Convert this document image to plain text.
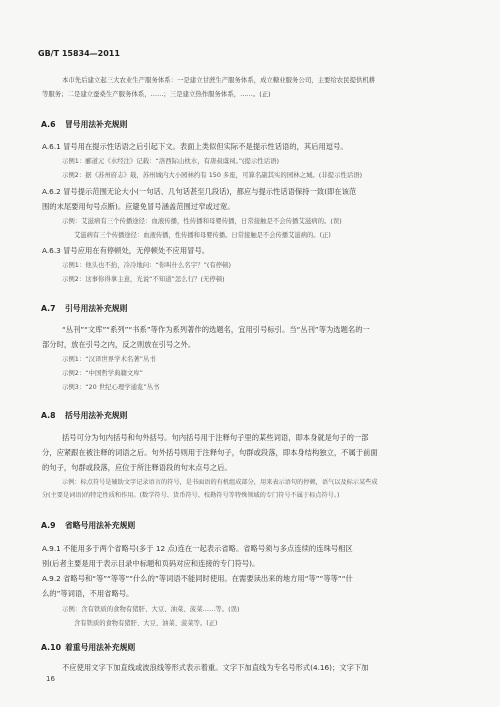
GB/T 15834—2011
本市先后建立起三大农业生产服务体系：一是建立甘蔗生产服务体系，成立糖业服务公司，主要给农民提供机耕
等服务；二是建立蚕桑生产服务体系，……；三是建立热作服务体系，……。(正)
A.6 冒号用法补充规则
A.6.1 冒号用在提示性话语之后引起下文。表面上类似但实际不是提示性话语的，其后用逗号。
示例1：郦道元《水经注》记载：“洛西际山枕水，有唐叔虞祠。”(提示性话语)
示例2：据《苏州府志》载，苏州城内大小园林约有 150 多座，可算名副其实的园林之城。(非提示性话语)
A.6.2 冒号提示范围无论大小(一句话、几句话甚至几段话)，都应与提示性话语保持一致(即在该范
围的末尾要用句号点断)。应避免冒号涵盖范围过窄或过宽。
示例：艾滋病有三个传播途径：血液传播，性传播和母婴传播，日常接触是不会传播艾滋病的。(误)
艾滋病有三个传播途径：血液传播，性传播和母婴传播。日常接触是不会传播艾滋病的。(正)
A.6.3 冒号应用在有停顿处，无停顿处不应用冒号。
示例1：他头也不抬，冷冷地问：“你叫什么名字？”(有停顿)
示例2：这事你得拿主意，光说“不知道”怎么行？(无停顿)
A.7 引号用法补充规则
“丛刊”“文库”“系列”“书系”等作为系列著作的选题名，宜用引号标引。当“丛刊”等为选题名的一
部分时，放在引号之内，反之则放在引号之外。
示例1：“汉译世界学术名著”丛书
示例2：“中国哲学典籍文库”
示例3：“20 世纪心理学通览”丛书
A.8 括号用法补充规则
括号可分为句内括号和句外括号。句内括号用于注释句子里的某些词语，即本身就是句子的一部
分，应紧跟在被注释的词语之后。句外括号则用于注释句子，句群或段落，即本身结构独立，不属于前面
的句子，句群或段落，应位于所注释语段的句末点号之后。
示例：标点符号是辅助文字记录语言的符号，是书面语的有机组成部分，用来表示语句的停顿，语气以及标示某些成
分(主要是词语)的特定性质和作用。(数学符号、货币符号、校勘符号等特殊领域的专门符号不属于标点符号。)
A.9 省略号用法补充规则
A.9.1 不能用多于两个省略号(多于 12 点)连在一起表示省略。省略号须与多点连续的连珠号相区
别(后者主要是用于表示目录中标题和页码对应和连接的专门符号)。
A.9.2 省略号和“等”“等等”“什么的”等词语不能同时使用。在需要读出来的地方用“等”“等等”“什
么的”等词语，不用省略号。
示例：含有铁质的食物有猪肝、大豆、油菜、菠菜……等。(误)
含有铁质的食物有猪肝、大豆、油菜、菠菜等。(正)
A.10 着重号用法补充规则
不应使用文字下加直线或波浪线等形式表示着重。文字下加直线为专名号形式(4.16)；文字下加
16
